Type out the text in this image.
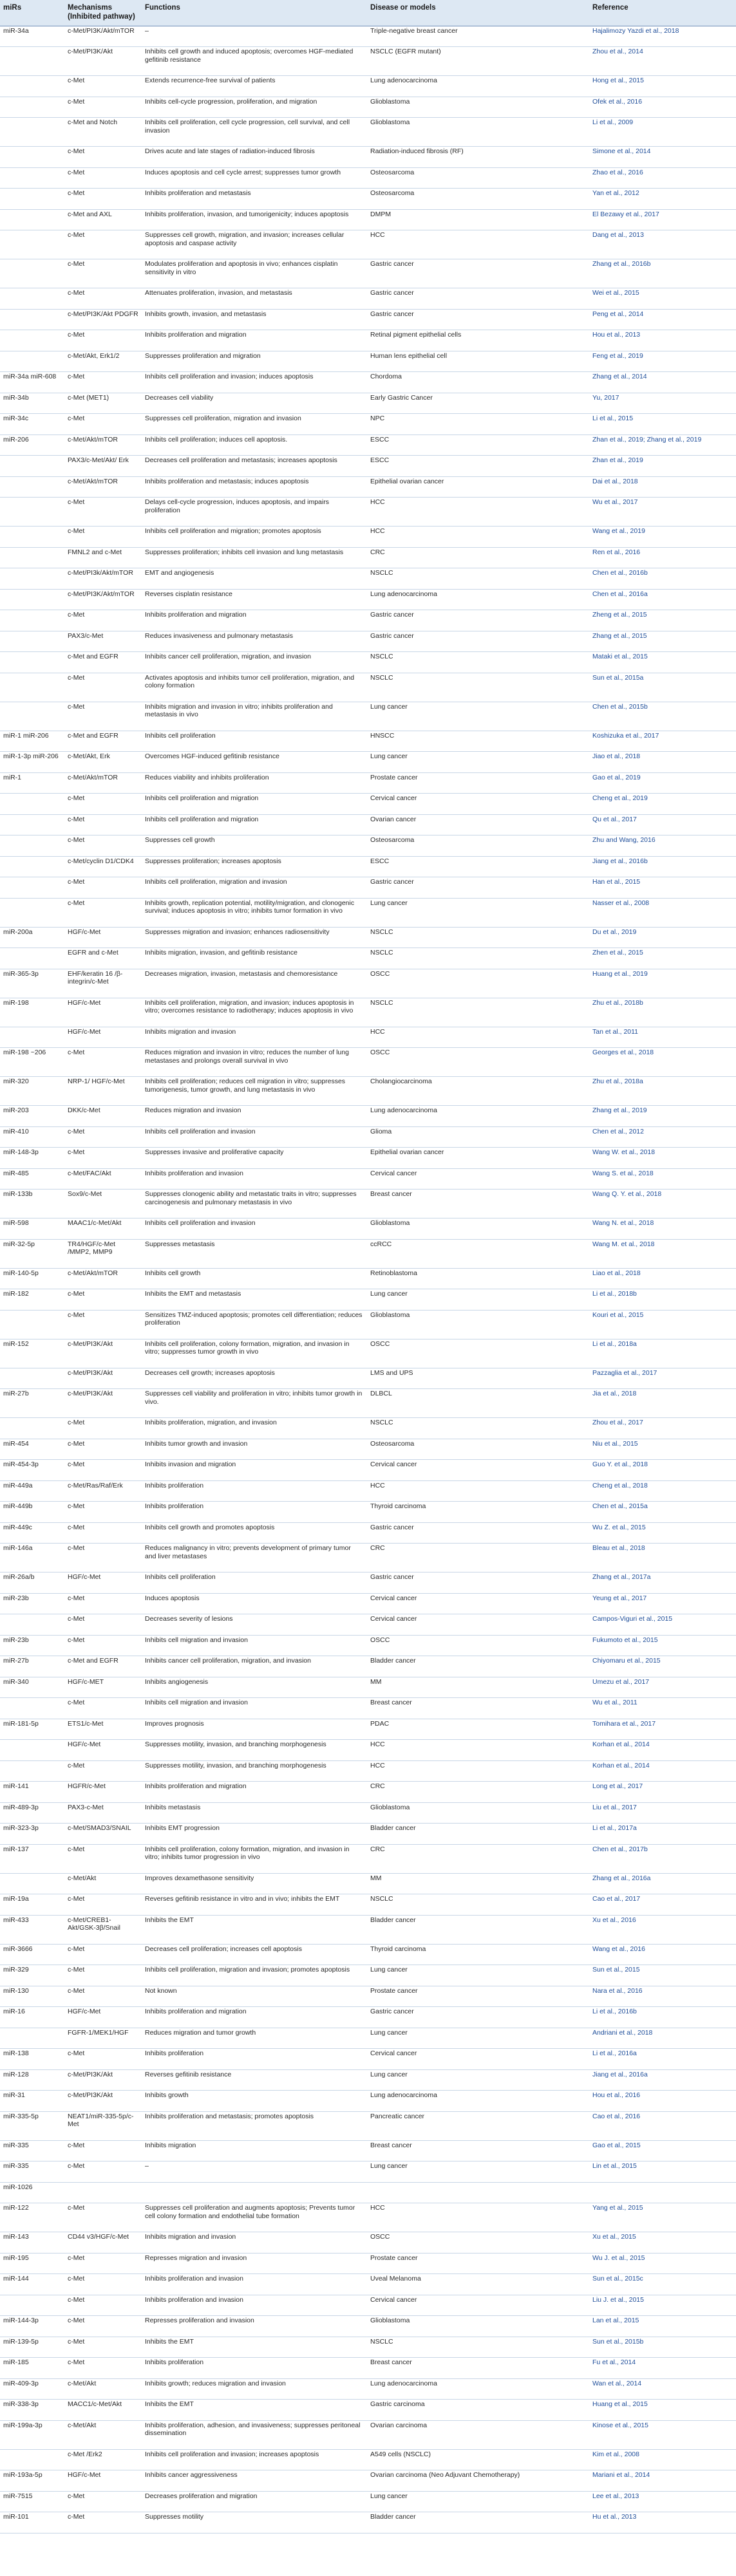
miRs	Mechanisms (Inhibited pathway)	Functions	Disease or models	Reference
miR-34a	c-Met/PI3K/Akt/mTOR	–	Triple-negative breast cancer	Hajalimozy Yazdi et al., 2018
	c-Met/PI3K/Akt	Inhibits cell growth and induced apoptosis; overcomes HGF-mediated gefitinib resistance	NSCLC (EGFR mutant)	Zhou et al., 2014
	c-Met	Extends recurrence-free survival of patients	Lung adenocarcinoma	Hong et al., 2015
	c-Met	Inhibits cell-cycle progression, proliferation, and migration	Glioblastoma	Ofek et al., 2016
	c-Met and Notch	Inhibits cell proliferation, cell cycle progression, cell survival, and cell invasion	Glioblastoma	Li et al., 2009
	c-Met	Drives acute and late stages of radiation-induced fibrosis	Radiation-induced fibrosis (RF)	Simone et al., 2014
	c-Met	Induces apoptosis and cell cycle arrest; suppresses tumor growth	Osteosarcoma	Zhao et al., 2016
	c-Met	Inhibits proliferation and metastasis	Osteosarcoma	Yan et al., 2012
	c-Met and AXL	Inhibits proliferation, invasion, and tumorigenicity; induces apoptosis	DMPM	El Bezawy et al., 2017
	c-Met	Suppresses cell growth, migration, and invasion; increases cellular apoptosis and caspase activity	HCC	Dang et al., 2013
	c-Met	Modulates proliferation and apoptosis in vivo; enhances cisplatin sensitivity in vitro	Gastric cancer	Zhang et al., 2016b
	c-Met	Attenuates proliferation, invasion, and metastasis	Gastric cancer	Wei et al., 2015
	c-Met/PI3K/Akt PDGFR	Inhibits growth, invasion, and metastasis	Gastric cancer	Peng et al., 2014
	c-Met	Inhibits proliferation and migration	Retinal pigment epithelial cells	Hou et al., 2013
	c-Met/Akt, Erk1/2	Suppresses proliferation and migration	Human lens epithelial cell	Feng et al., 2019
miR-34a miR-608	c-Met	Inhibits cell proliferation and invasion; induces apoptosis	Chordoma	Zhang et al., 2014
miR-34b	c-Met (MET1)	Decreases cell viability	Early Gastric Cancer	Yu, 2017
miR-34c	c-Met	Suppresses cell proliferation, migration and invasion	NPC	Li et al., 2015
miR-206	c-Met/Akt/mTOR	Inhibits cell proliferation; induces cell apoptosis.	ESCC	Zhan et al., 2019; Zhang et al., 2019
	PAX3/c-Met/Akt/ Erk	Decreases cell proliferation and metastasis; increases apoptosis	ESCC	Zhan et al., 2019
	c-Met/Akt/mTOR	Inhibits proliferation and metastasis; induces apoptosis	Epithelial ovarian cancer	Dai et al., 2018
	c-Met	Delays cell-cycle progression, induces apoptosis, and impairs proliferation	HCC	Wu et al., 2017
	c-Met	Inhibits cell proliferation and migration; promotes apoptosis	HCC	Wang et al., 2019
	FMNL2 and c-Met	Suppresses proliferation; inhibits cell invasion and lung metastasis	CRC	Ren et al., 2016
	c-Met/PI3k/Akt/mTOR	EMT and angiogenesis	NSCLC	Chen et al., 2016b
	c-Met/PI3K/Akt/mTOR	Reverses cisplatin resistance	Lung adenocarcinoma	Chen et al., 2016a
	c-Met	Inhibits proliferation and migration	Gastric cancer	Zheng et al., 2015
	PAX3/c-Met	Reduces invasiveness and pulmonary metastasis	Gastric cancer	Zhang et al., 2015
	c-Met and EGFR	Inhibits cancer cell proliferation, migration, and invasion	NSCLC	Mataki et al., 2015
	c-Met	Activates apoptosis and inhibits tumor cell proliferation, migration, and colony formation	NSCLC	Sun et al., 2015a
	c-Met	Inhibits migration and invasion in vitro; inhibits proliferation and metastasis in vivo	Lung cancer	Chen et al., 2015b
miR-1 miR-206	c-Met and EGFR	Inhibits cell proliferation	HNSCC	Koshizuka et al., 2017
miR-1-3p miR-206	c-Met/Akt, Erk	Overcomes HGF-induced gefitinib resistance	Lung cancer	Jiao et al., 2018
miR-1	c-Met/Akt/mTOR	Reduces viability and inhibits proliferation	Prostate cancer	Gao et al., 2019
	c-Met	Inhibits cell proliferation and migration	Cervical cancer	Cheng et al., 2019
	c-Met	Inhibits cell proliferation and migration	Ovarian cancer	Qu et al., 2017
	c-Met	Suppresses cell growth	Osteosarcoma	Zhu and Wang, 2016
	c-Met/cyclin D1/CDK4	Suppresses proliferation; increases apoptosis	ESCC	Jiang et al., 2016b
	c-Met	Inhibits cell proliferation, migration and invasion	Gastric cancer	Han et al., 2015
	c-Met	Inhibits growth, replication potential, motility/migration, and clonogenic survival; induces apoptosis in vitro; inhibits tumor formation in vivo	Lung cancer	Nasser et al., 2008
miR-200a	HGF/c-Met	Suppresses migration and invasion; enhances radiosensitivity	NSCLC	Du et al., 2019
	EGFR and c-Met	Inhibits migration, invasion, and gefitinib resistance	NSCLC	Zhen et al., 2015
miR-365-3p	EHF/keratin 16 /β-integrin/c-Met	Decreases migration, invasion, metastasis and chemoresistance	OSCC	Huang et al., 2019
miR-198	HGF/c-Met	Inhibits cell proliferation, migration, and invasion; induces apoptosis in vitro; overcomes resistance to radiotherapy; induces apoptosis in vivo	NSCLC	Zhu et al., 2018b
	HGF/c-Met	Inhibits migration and invasion	HCC	Tan et al., 2011
miR-198 ~206	c-Met	Reduces migration and invasion in vitro; reduces the number of lung metastases and prolongs overall survival in vivo	OSCC	Georges et al., 2018
miR-320	NRP-1/ HGF/c-Met	Inhibits cell proliferation; reduces cell migration in vitro; suppresses tumorigenesis, tumor growth, and lung metastasis in vivo	Cholangiocarcinoma	Zhu et al., 2018a
miR-203	DKK/c-Met	Reduces migration and invasion	Lung adenocarcinoma	Zhang et al., 2019
miR-410	c-Met	Inhibits cell proliferation and invasion	Glioma	Chen et al., 2012
miR-148-3p	c-Met	Suppresses invasive and proliferative capacity	Epithelial ovarian cancer	Wang W. et al., 2018
miR-485	c-Met/FAC/Akt	Inhibits proliferation and invasion	Cervical cancer	Wang S. et al., 2018
miR-133b	Sox9/c-Met	Suppresses clonogenic ability and metastatic traits in vitro; suppresses carcinogenesis and pulmonary metastasis in vivo	Breast cancer	Wang Q. Y. et al., 2018
miR-598	MAAC1/c-Met/Akt	Inhibits cell proliferation and invasion	Glioblastoma	Wang N. et al., 2018
miR-32-5p	TR4/HGF/c-Met /MMP2, MMP9	Suppresses metastasis	ccRCC	Wang M. et al., 2018
miR-140-5p	c-Met/Akt/mTOR	Inhibits cell growth	Retinoblastoma	Liao et al., 2018
miR-182	c-Met	Inhibits the EMT and metastasis	Lung cancer	Li et al., 2018b
	c-Met	Sensitizes TMZ-induced apoptosis; promotes cell differentiation; reduces proliferation	Glioblastoma	Kouri et al., 2015
miR-152	c-Met/PI3K/Akt	Inhibits cell proliferation, colony formation, migration, and invasion in vitro; suppresses tumor growth in vivo	OSCC	Li et al., 2018a
	c-Met/PI3K/Akt	Decreases cell growth; increases apoptosis	LMS and UPS	Pazzaglia et al., 2017
miR-27b	c-Met/PI3K/Akt	Suppresses cell viability and proliferation in vitro; inhibits tumor growth in vivo.	DLBCL	Jia et al., 2018
	c-Met	Inhibits proliferation, migration, and invasion	NSCLC	Zhou et al., 2017
miR-454	c-Met	Inhibits tumor growth and invasion	Osteosarcoma	Niu et al., 2015
miR-454-3p	c-Met	Inhibits invasion and migration	Cervical cancer	Guo Y. et al., 2018
miR-449a	c-Met/Ras/Raf/Erk	Inhibits proliferation	HCC	Cheng et al., 2018
miR-449b	c-Met	Inhibits proliferation	Thyroid carcinoma	Chen et al., 2015a
miR-449c	c-Met	Inhibits cell growth and promotes apoptosis	Gastric cancer	Wu Z. et al., 2015
miR-146a	c-Met	Reduces malignancy in vitro; prevents development of primary tumor and liver metastases	CRC	Bleau et al., 2018
miR-26a/b	HGF/c-Met	Inhibits cell proliferation	Gastric cancer	Zhang et al., 2017a
miR-23b	c-Met	Induces apoptosis	Cervical cancer	Yeung et al., 2017
	c-Met	Decreases severity of lesions	Cervical cancer	Campos-Viguri et al., 2015
miR-23b	c-Met	Inhibits cell migration and invasion	OSCC	Fukumoto et al., 2015
miR-27b	c-Met and EGFR	Inhibits cancer cell proliferation, migration, and invasion	Bladder cancer	Chiyomaru et al., 2015
miR-340	HGF/c-MET	Inhibits angiogenesis	MM	Umezu et al., 2017
	c-Met	Inhibits cell migration and invasion	Breast cancer	Wu et al., 2011
miR-181-5p	ETS1/c-Met	Improves prognosis	PDAC	Tomihara et al., 2017
	HGF/c-Met	Suppresses motility, invasion, and branching morphogenesis	HCC	Korhan et al., 2014
	c-Met	Suppresses motility, invasion, and branching morphogenesis	HCC	Korhan et al., 2014
miR-141	HGFR/c-Met	Inhibits proliferation and migration	CRC	Long et al., 2017
miR-489-3p	PAX3-c-Met	Inhibits metastasis	Glioblastoma	Liu et al., 2017
miR-323-3p	c-Met/SMAD3/SNAIL	Inhibits EMT progression	Bladder cancer	Li et al., 2017a
miR-137	c-Met	Inhibits cell proliferation, colony formation, migration, and invasion in vitro; inhibits tumor progression in vivo	CRC	Chen et al., 2017b
	c-Met/Akt	Improves dexamethasone sensitivity	MM	Zhang et al., 2016a
miR-19a	c-Met	Reverses gefitinib resistance in vitro and in vivo; inhibits the EMT	NSCLC	Cao et al., 2017
miR-433	c-Met/CREB1-Akt/GSK-3β/Snail	Inhibits the EMT	Bladder cancer	Xu et al., 2016
miR-3666	c-Met	Decreases cell proliferation; increases cell apoptosis	Thyroid carcinoma	Wang et al., 2016
miR-329	c-Met	Inhibits cell proliferation, migration and invasion; promotes apoptosis	Lung cancer	Sun et al., 2015
miR-130	c-Met	Not known	Prostate cancer	Nara et al., 2016
miR-16	HGF/c-Met	Inhibits proliferation and migration	Gastric cancer	Li et al., 2016b
	FGFR-1/MEK1/HGF	Reduces migration and tumor growth	Lung cancer	Andriani et al., 2018
miR-138	c-Met	Inhibits proliferation	Cervical cancer	Li et al., 2016a
miR-128	c-Met/PI3K/Akt	Reverses gefitinib resistance	Lung cancer	Jiang et al., 2016a
miR-31	c-Met/PI3K/Akt	Inhibits growth	Lung adenocarcinoma	Hou et al., 2016
miR-335-5p	NEAT1/miR-335-5p/c-Met	Inhibits proliferation and metastasis; promotes apoptosis	Pancreatic cancer	Cao et al., 2016
miR-335	c-Met	Inhibits migration	Breast cancer	Gao et al., 2015
miR-335	c-Met	–	Lung cancer	Lin et al., 2015
miR-1026				
miR-122	c-Met	Suppresses cell proliferation and augments apoptosis; Prevents tumor cell colony formation and endothelial tube formation	HCC	Yang et al., 2015
miR-143	CD44 v3/HGF/c-Met	Inhibits migration and invasion	OSCC	Xu et al., 2015
miR-195	c-Met	Represses migration and invasion	Prostate cancer	Wu J. et al., 2015
miR-144	c-Met	Inhibits proliferation and invasion	Uveal Melanoma	Sun et al., 2015c
	c-Met	Inhibits proliferation and invasion	Cervical cancer	Liu J. et al., 2015
miR-144-3p	c-Met	Represses proliferation and invasion	Glioblastoma	Lan et al., 2015
miR-139-5p	c-Met	Inhibits the EMT	NSCLC	Sun et al., 2015b
miR-185	c-Met	Inhibits proliferation	Breast cancer	Fu et al., 2014
miR-409-3p	c-Met/Akt	Inhibits growth; reduces migration and invasion	Lung adenocarcinoma	Wan et al., 2014
miR-338-3p	MACC1/c-Met/Akt	Inhibits the EMT	Gastric carcinoma	Huang et al., 2015
miR-199a-3p	c-Met/Akt	Inhibits proliferation, adhesion, and invasiveness; suppresses peritoneal dissemination	Ovarian carcinoma	Kinose et al., 2015
	c-Met /Erk2	Inhibits cell proliferation and invasion; increases apoptosis	A549 cells (NSCLC)	Kim et al., 2008
miR-193a-5p	HGF/c-Met	Inhibits cancer aggressiveness	Ovarian carcinoma (Neo Adjuvant Chemotherapy)	Mariani et al., 2014
miR-7515	c-Met	Decreases proliferation and migration	Lung cancer	Lee et al., 2013
miR-101	c-Met	Suppresses motility	Bladder cancer	Hu et al., 2013
